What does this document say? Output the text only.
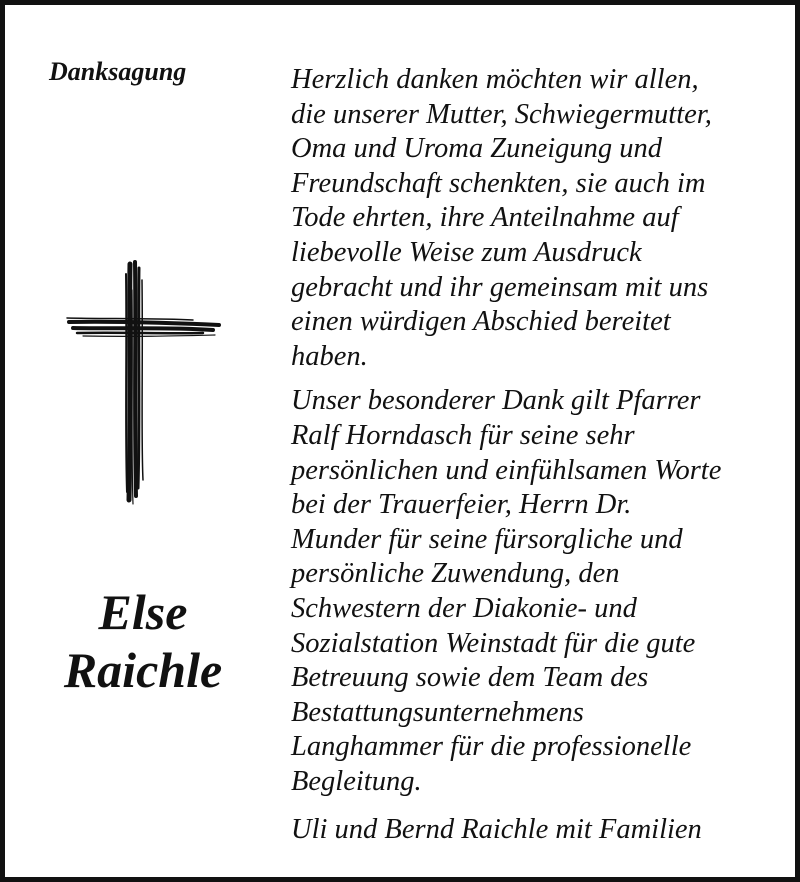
Danksagung
Else
Raichle

Herzlich danken möchten wir allen,
die unserer Mutter, Schwiegermutter,
Oma und Uroma Zuneigung und
Freundschaft schenkten, sie auch im
Tode ehrten, ihre Anteilnahme auf
liebevolle Weise zum Ausdruck
gebracht und ihr gemeinsam mit uns
einen würdigen Abschied bereitet
haben.

Unser besonderer Dank gilt Pfarrer
Ralf Horndasch für seine sehr
persönlichen und einfühlsamen Worte
bei der Trauerfeier, Herrn Dr.
Munder für seine fürsorgliche und
persönliche Zuwendung, den
Schwestern der Diakonie- und
Sozialstation Weinstadt für die gute
Betreuung sowie dem Team des
Bestattungsunternehmens
Langhammer für die professionelle
Begleitung.

Uli und Bernd Raichle mit Familien
